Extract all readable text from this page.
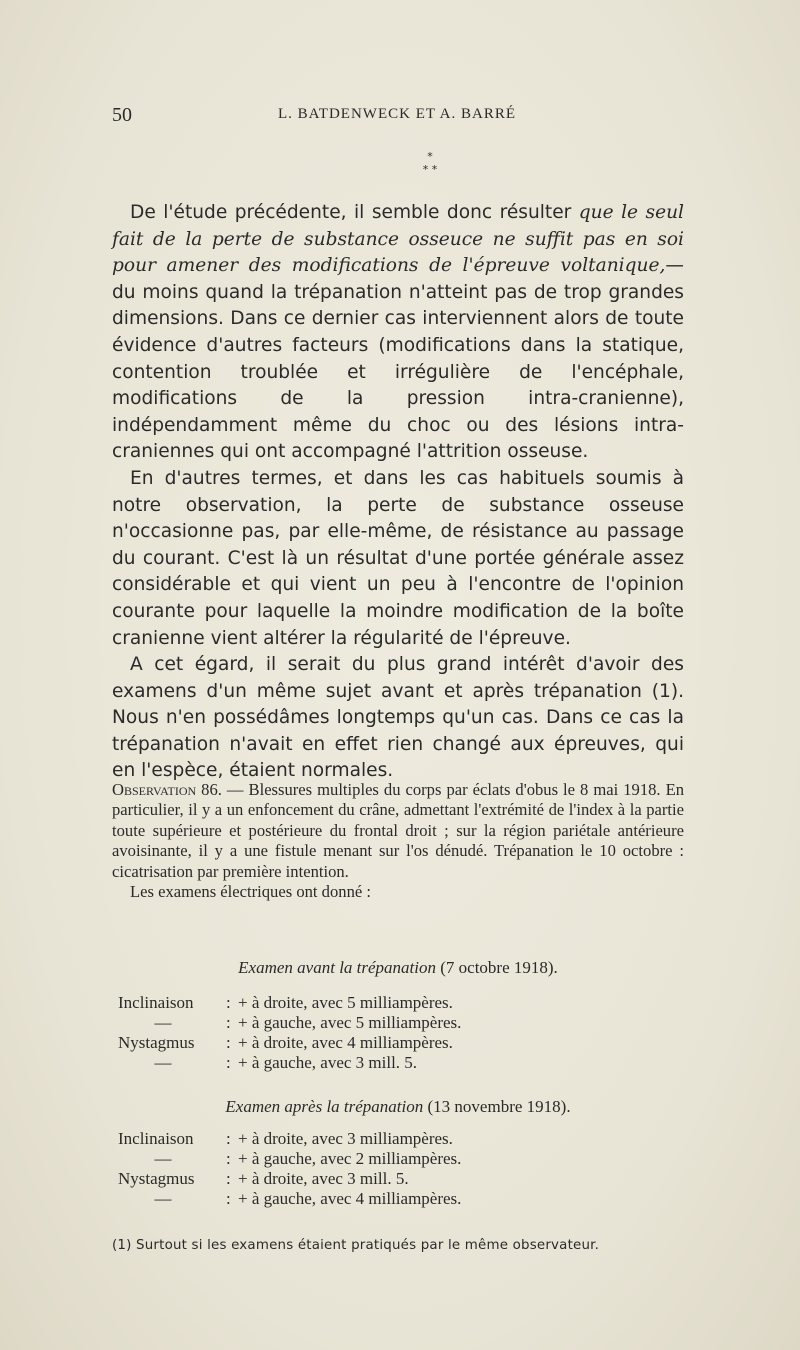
50	L. BATDENWECK ET A. BARRÉ
*
* *

De l'étude précédente, il semble donc résulter que le seul fait de la perte de substance osseuce ne suffit pas en soi pour amener des modifications de l'épreuve voltanique,— du moins quand la trépanation n'atteint pas de trop grandes dimensions. Dans ce dernier cas interviennent alors de toute évidence d'autres facteurs (modifications dans la statique, contention troublée et irrégulière de l'encéphale, modifications de la pression intra-cranienne), indépendamment même du choc ou des lésions intra-craniennes qui ont accompagné l'attrition osseuse.

En d'autres termes, et dans les cas habituels soumis à notre observation, la perte de substance osseuse n'occasionne pas, par elle-même, de résistance au passage du courant. C'est là un résultat d'une portée générale assez considérable et qui vient un peu à l'encontre de l'opinion courante pour laquelle la moindre modification de la boîte cranienne vient altérer la régularité de l'épreuve.

A cet égard, il serait du plus grand intérêt d'avoir des examens d'un même sujet avant et après trépanation (1). Nous n'en possédâmes longtemps qu'un cas. Dans ce cas la trépanation n'avait en effet rien changé aux épreuves, qui en l'espèce, étaient normales.

Observation 86. — Blessures multiples du corps par éclats d'obus le 8 mai 1918. En particulier, il y a un enfoncement du crâne, admettant l'extrémité de l'index à la partie toute supérieure et postérieure du frontal droit ; sur la région pariétale antérieure avoisinante, il y a une fistule menant sur l'os dénudé. Trépanation le 10 octobre : cicatrisation par première intention.

Les examens électriques ont donné :

Examen avant la trépanation (7 octobre 1918).
Inclinaison	: + à droite, avec 5 milliampères.
—	: + à gauche, avec 5 milliampères.
Nystagmus	: + à droite, avec 4 milliampères.
—	: + à gauche, avec 3 mill. 5.
Examen après la trépanation (13 novembre 1918).
Inclinaison	: + à droite, avec 3 milliampères.
—	: + à gauche, avec 2 milliampères.
Nystagmus	: + à droite, avec 3 mill. 5.
—	: + à gauche, avec 4 milliampères.
(1) Surtout si les examens étaient pratiqués par le même observateur.
